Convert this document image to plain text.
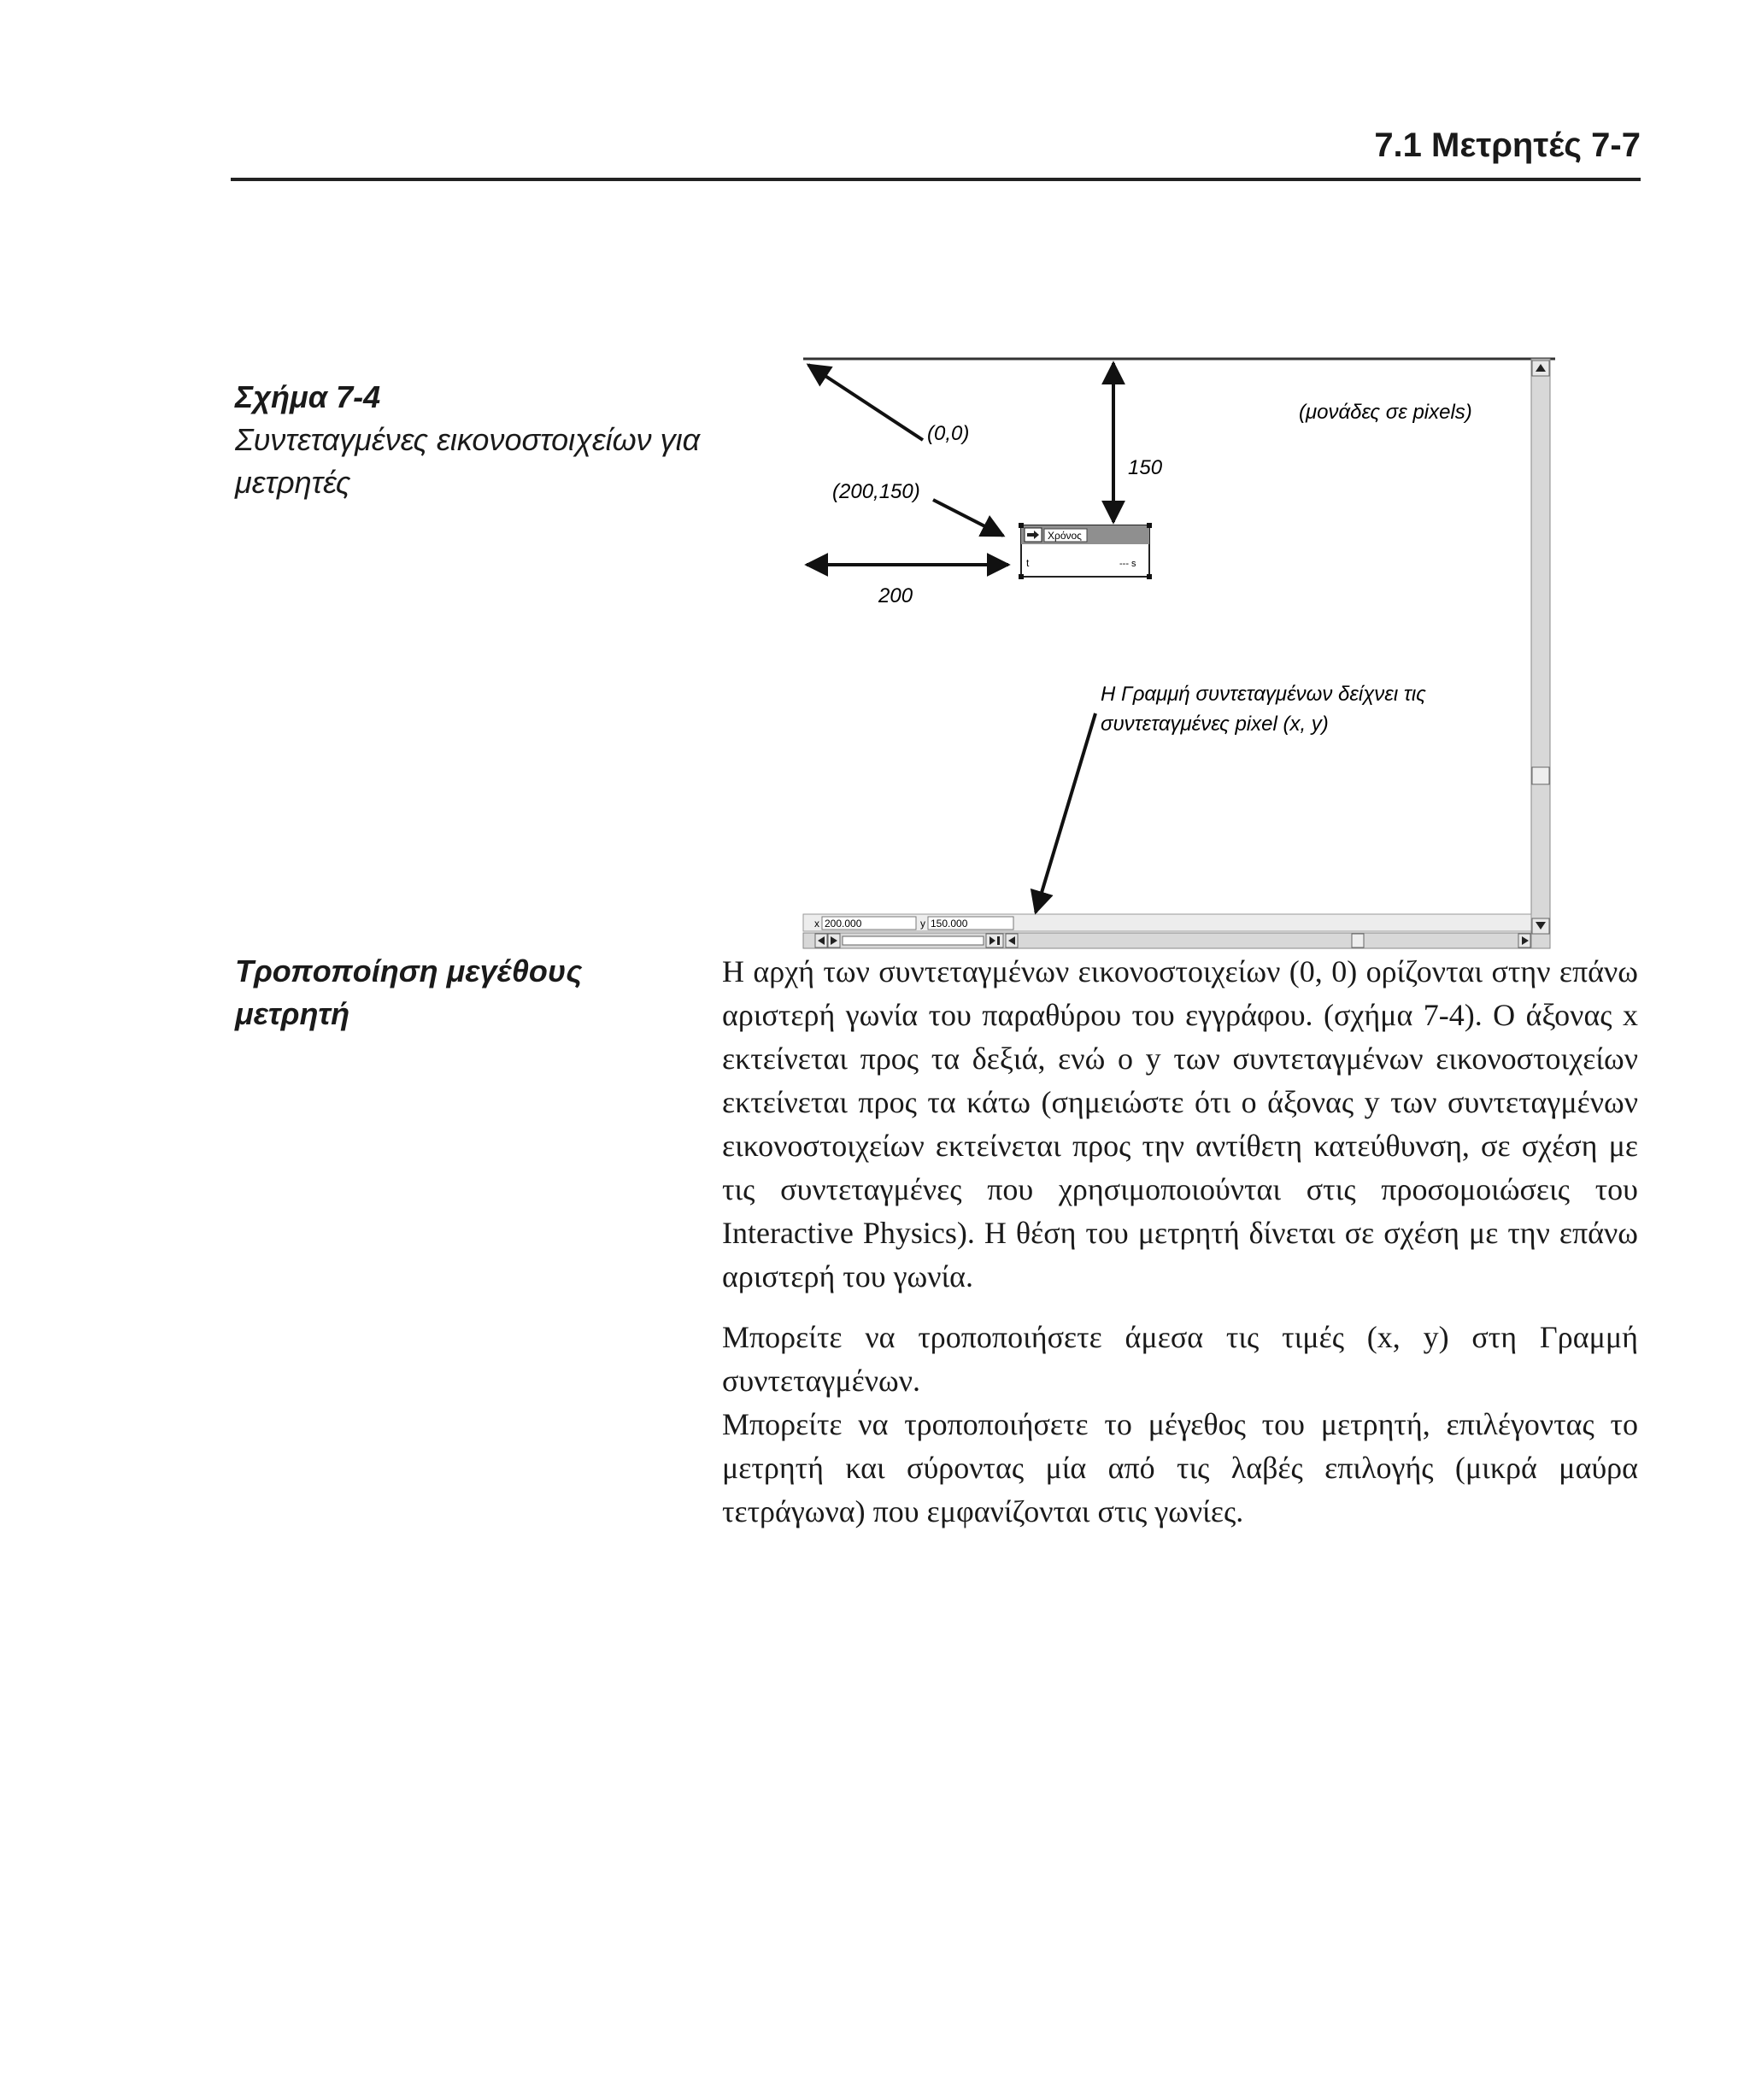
7.1 Μετρητές 7-7
Σχήμα 7-4
Συντεταγμένες εικονοστοιχείων για μετρητές
x 200.000	y 150.000
Χρόνος
t	--- s
(0,0)
(μονάδες σε pixels)
150
(200,150)
200
Η Γραμμή συντεταγμένων δείχνει τις
συντεταγμένες pixel (x, y)
Τροποποίηση μεγέθους μετρητή

Η αρχή των συντεταγμένων εικονοστοιχείων (0, 0) ορίζονται στην επάνω αριστερή γωνία του παραθύρου του εγγράφου. (σχήμα 7-4). Ο άξονας x εκτείνεται προς τα δεξιά, ενώ ο y των συντεταγμένων εικονοστοιχείων εκτείνεται προς τα κάτω (σημειώστε ότι ο άξονας y των συντεταγμένων εικονοστοιχείων εκτείνεται προς την αντίθετη κατεύθυνση, σε σχέση με τις συντεταγμένες που χρησιμοποιούνται στις προσομοιώσεις του Interactive Physics). Η θέση του μετρητή δίνεται σε σχέση με την επάνω αριστερή του γωνία.

Μπορείτε να τροποποιήσετε άμεσα τις τιμές (x, y) στη Γραμμή συντεταγμένων.

Μπορείτε να τροποποιήσετε το μέγεθος του μετρητή, επιλέγοντας το μετρητή και σύροντας μία από τις λαβές επιλογής (μικρά μαύρα τετράγωνα) που εμφανίζονται στις γωνίες.
